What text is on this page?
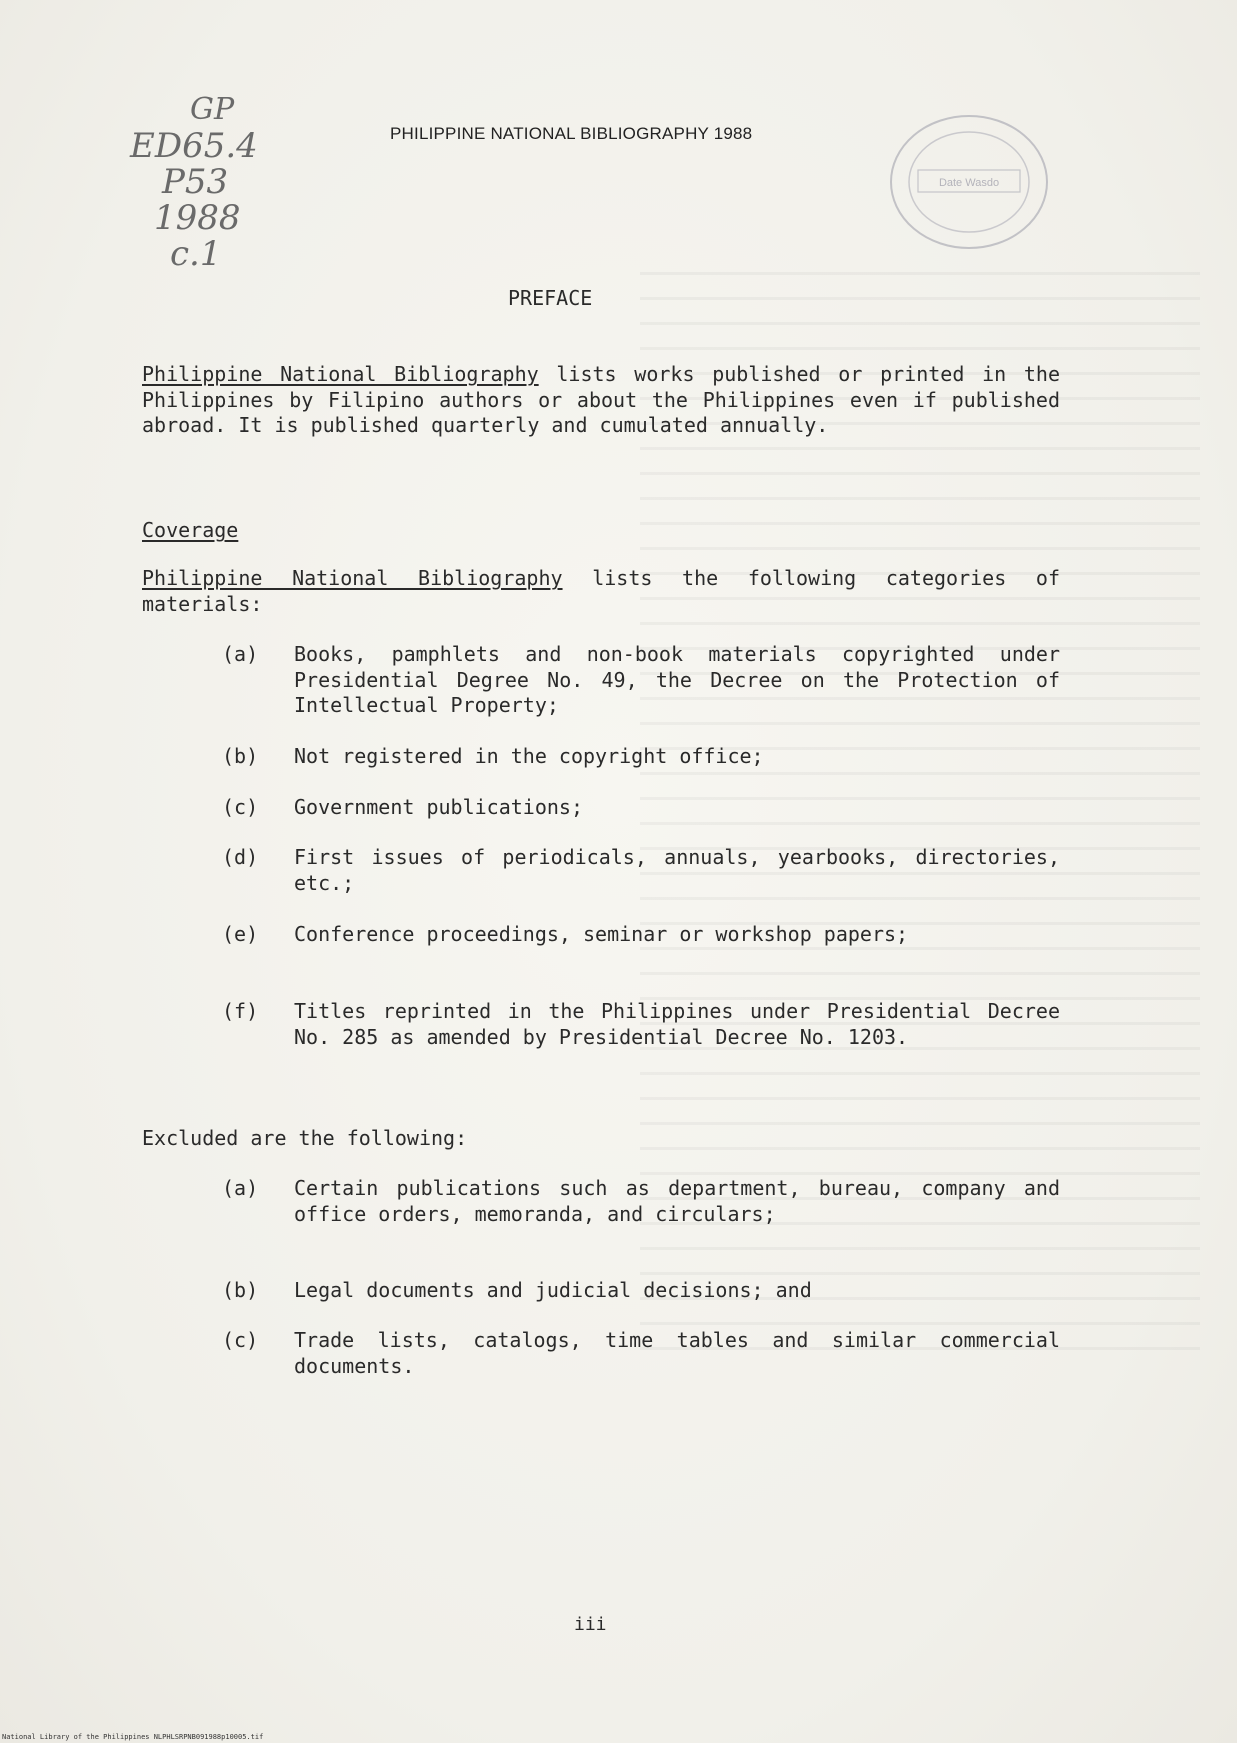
GP
ED65.4
P53
1988
c.1
PHILIPPINE NATIONAL BIBLIOGRAPHY 1988
Date Wasdo
PREFACE
Philippine National Bibliography lists works published or printed in the Philippines by Filipino authors or about the Philippines even if published abroad. It is published quarterly and cumulated annually.
Coverage
Philippine National Bibliography lists the following categories of materials:
(a)	Books, pamphlets and non-book materials copyrighted under Presidential Degree No. 49, the Decree on the Protection of Intellectual Property;
(b)	Not registered in the copyright office;
(c)	Government publications;
(d)	First issues of periodicals, annuals, yearbooks, directories, etc.;
(e)	Conference proceedings, seminar or workshop papers;
(f)	Titles reprinted in the Philippines under Presidential Decree No. 285 as amended by Presidential Decree No. 1203.
Excluded are the following:
(a)	Certain publications such as department, bureau, company and office orders, memoranda, and circulars;
(b)	Legal documents and judicial decisions; and
(c)	Trade lists, catalogs, time tables and similar commercial documents.
iii
National Library of the Philippines NLPHLSRPNB091988p10005.tif
